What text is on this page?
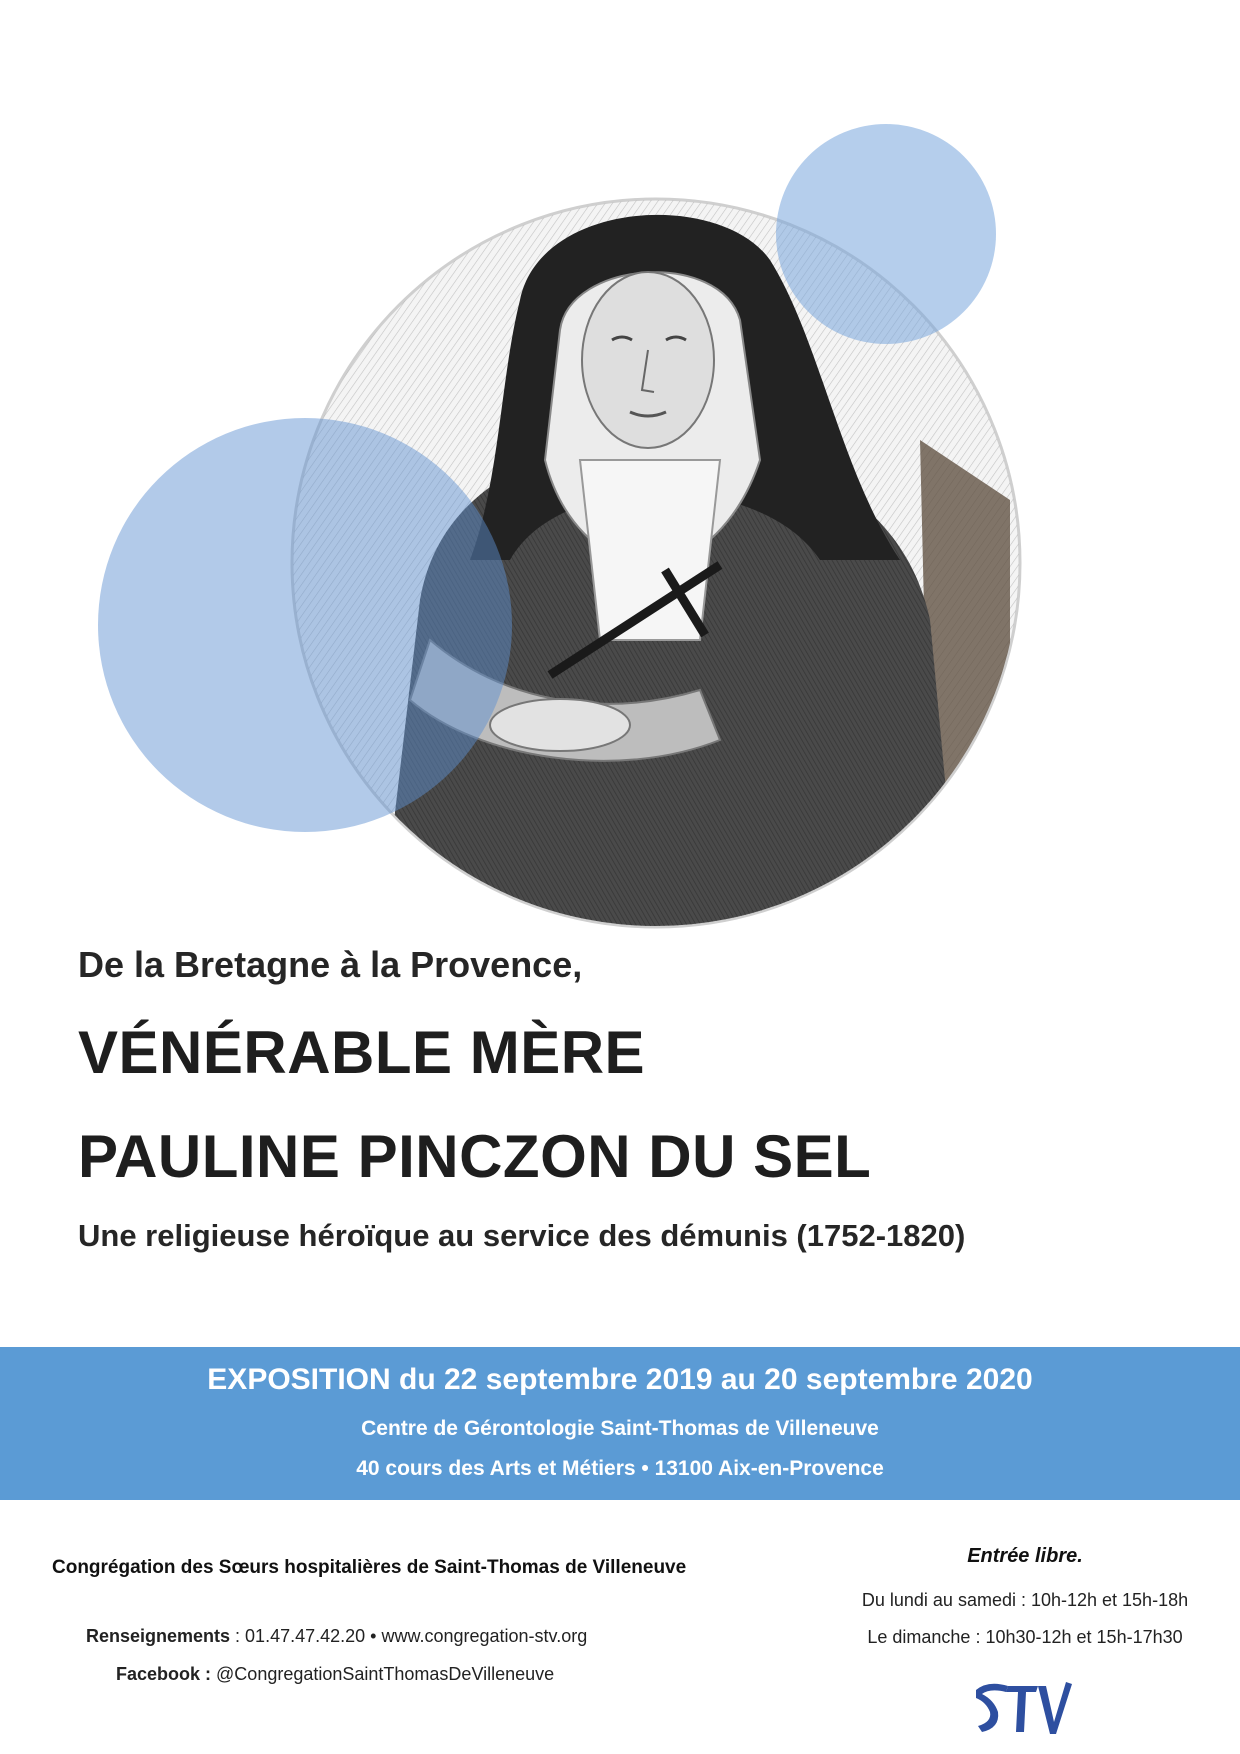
De la Bretagne à la Provence,
VÉNÉRABLE MÈRE
PAULINE PINCZON DU SEL
Une religieuse héroïque au service des démunis (1752-1820)
EXPOSITION du 22 septembre 2019 au 20 septembre 2020
Centre de Gérontologie Saint-Thomas de Villeneuve
40 cours des Arts et Métiers • 13100 Aix-en-Provence
Congrégation des Sœurs hospitalières de Saint-Thomas de Villeneuve
Renseignements : 01.47.47.42.20 • www.congregation-stv.org
Facebook : @CongregationSaintThomasDeVilleneuve
Entrée libre.
Du lundi au samedi : 10h-12h et 15h-18h
Le dimanche : 10h30-12h et 15h-17h30
